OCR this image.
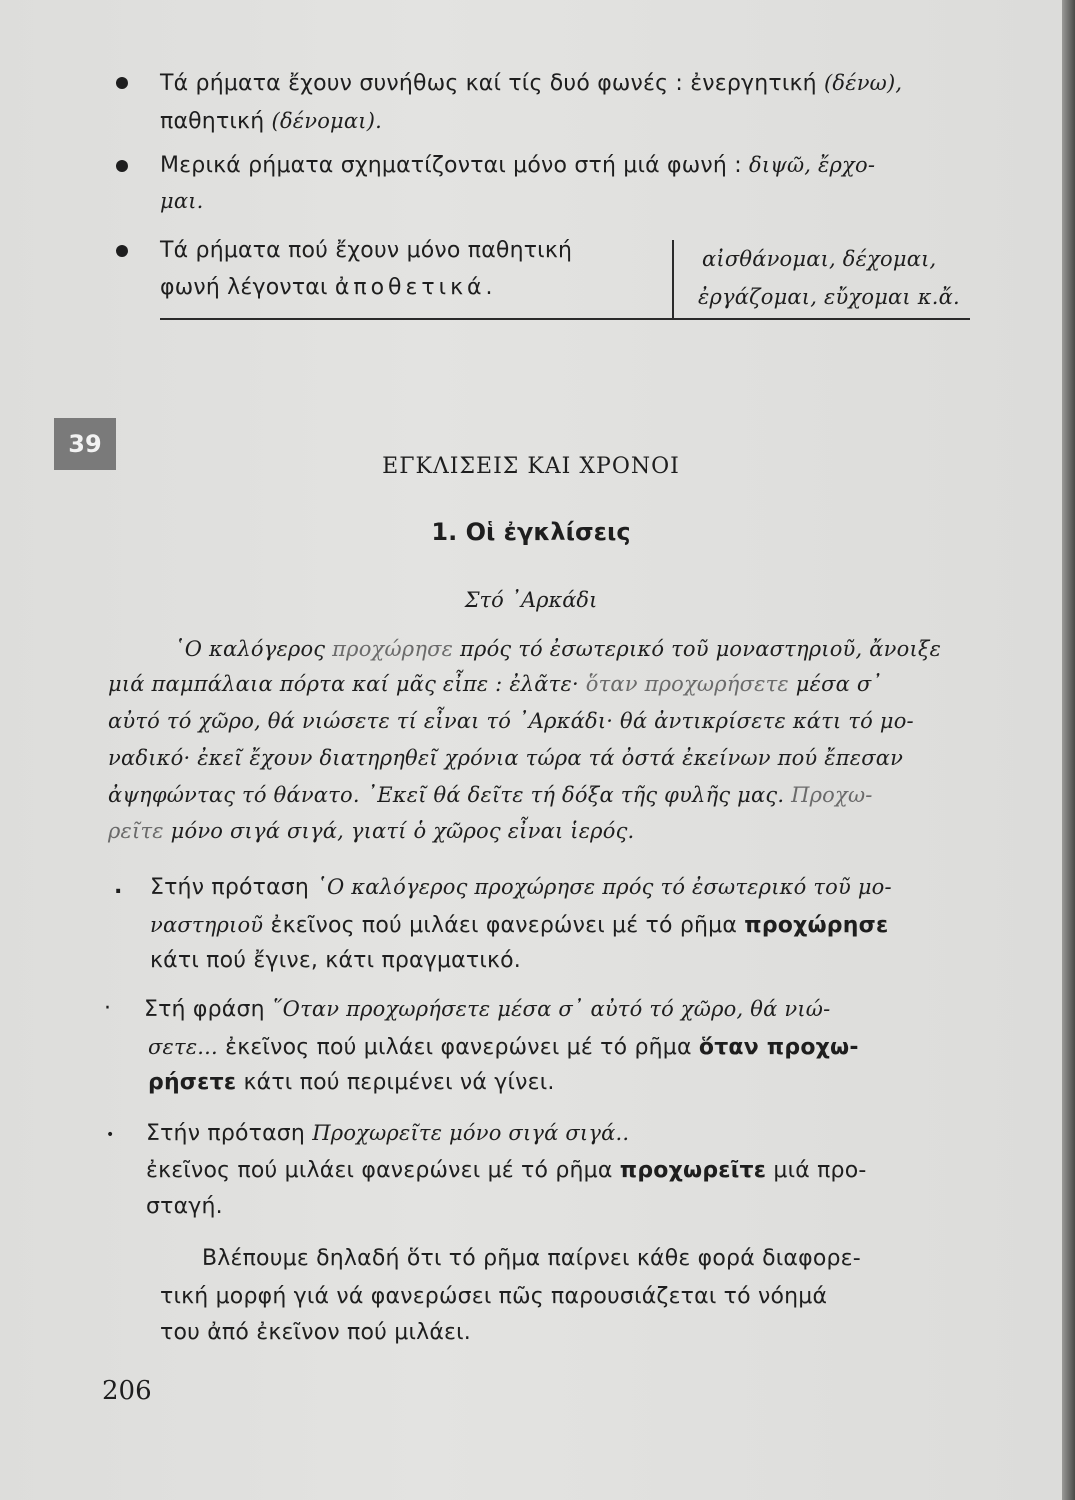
Τά ρήματα ἔχουν συνήθως καί τίς δυό φωνές : ἐνεργητική (δένω),
παθητική (δένομαι).
Μερικά ρήματα σχηματίζονται μόνο στή μιά φωνή : διψῶ, ἔρχο-
μαι.
Τά ρήματα πού ἔχουν μόνο παθητική
φωνή λέγονται ἀποθετικά.
αἰσθάνομαι, δέχομαι,
ἐργάζομαι, εὔχομαι κ.ἄ.
39
ΕΓΚΛΙΣΕΙΣ ΚΑΙ ΧΡΟΝΟΙ
1. Οἱ ἐγκλίσεις
Στό ᾿Αρκάδι
῾Ο καλόγερος προχώρησε πρός τό ἐσωτερικό τοῦ μοναστηριοῦ, ἄνοιξε
μιά παμπάλαια πόρτα καί μᾶς εἶπε : ἐλᾶτε· ὅταν προχωρήσετε μέσα σ᾿
αὐτό τό χῶρο, θά νιώσετε τί εἶναι τό ᾿Αρκάδι· θά ἀντικρίσετε κάτι τό μο-
ναδικό· ἐκεῖ ἔχουν διατηρηθεῖ χρόνια τώρα τά ὀστά ἐκείνων πού ἔπεσαν
ἀψηφώντας τό θάνατο. ᾿Εκεῖ θά δεῖτε τή δόξα τῆς φυλῆς μας. Προχω-
ρεῖτε μόνο σιγά σιγά, γιατί ὁ χῶρος εἶναι ἱερός.
. Στήν πρόταση ῾Ο καλόγερος προχώρησε πρός τό ἐσωτερικό τοῦ μο-
ναστηριοῦ ἐκεῖνος πού μιλάει φανερώνει μέ τό ρῆμα προχώρησε
κάτι πού ἔγινε, κάτι πραγματικό.
· Στή φράση ῞Οταν προχωρήσετε μέσα σ᾿ αὐτό τό χῶρο, θά νιώ-
σετε... ἐκεῖνος πού μιλάει φανερώνει μέ τό ρῆμα ὅταν προχω-
ρήσετε κάτι πού περιμένει νά γίνει.
• Στήν πρόταση Προχωρεῖτε μόνο σιγά σιγά..
ἐκεῖνος πού μιλάει φανερώνει μέ τό ρῆμα προχωρεῖτε μιά προ-
σταγή.
Βλέπουμε δηλαδή ὅτι τό ρῆμα παίρνει κάθε φορά διαφορε-
τική μορφή γιά νά φανερώσει πῶς παρουσιάζεται τό νόημά
του ἀπό ἐκεῖνον πού μιλάει.
206
